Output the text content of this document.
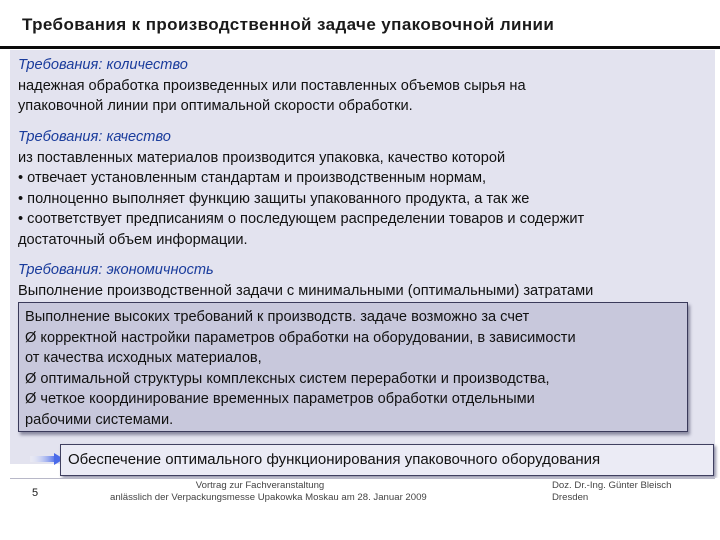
Требования к производственной задаче упаковочной линии
Требования: количество
надежная обработка произведенных или поставленных объемов сырья на
упаковочной линии при оптимальной скорости обработки.
Требования: качество
из поставленных материалов производится упаковка, качество которой
• отвечает установленным стандартам и производственным нормам,
• полноценно выполняет функцию защиты упакованного продукта, а так же
• соответствует предписаниям о последующем распределении товаров и содержит
достаточный объем информации.
Требования: экономичность
Выполнение производственной задачи с минимальными (оптимальными) затратами
Выполнение высоких требований к производств. задаче возможно за счет
Ø корректной настройки параметров обработки на оборудовании, в зависимости
от качества исходных материалов,
Ø оптимальной структуры комплексных систем переработки и производства,
Ø четкое координирование временных параметров обработки отдельными
рабочими системами.
Обеспечение оптимального функционирования упаковочного оборудования
5
Vortrag zur Fachveranstaltung
anlässlich der Verpackungsmesse Upakowka Moskau am 28. Januar 2009
Doz. Dr.-Ing. Günter Bleisch
Dresden
